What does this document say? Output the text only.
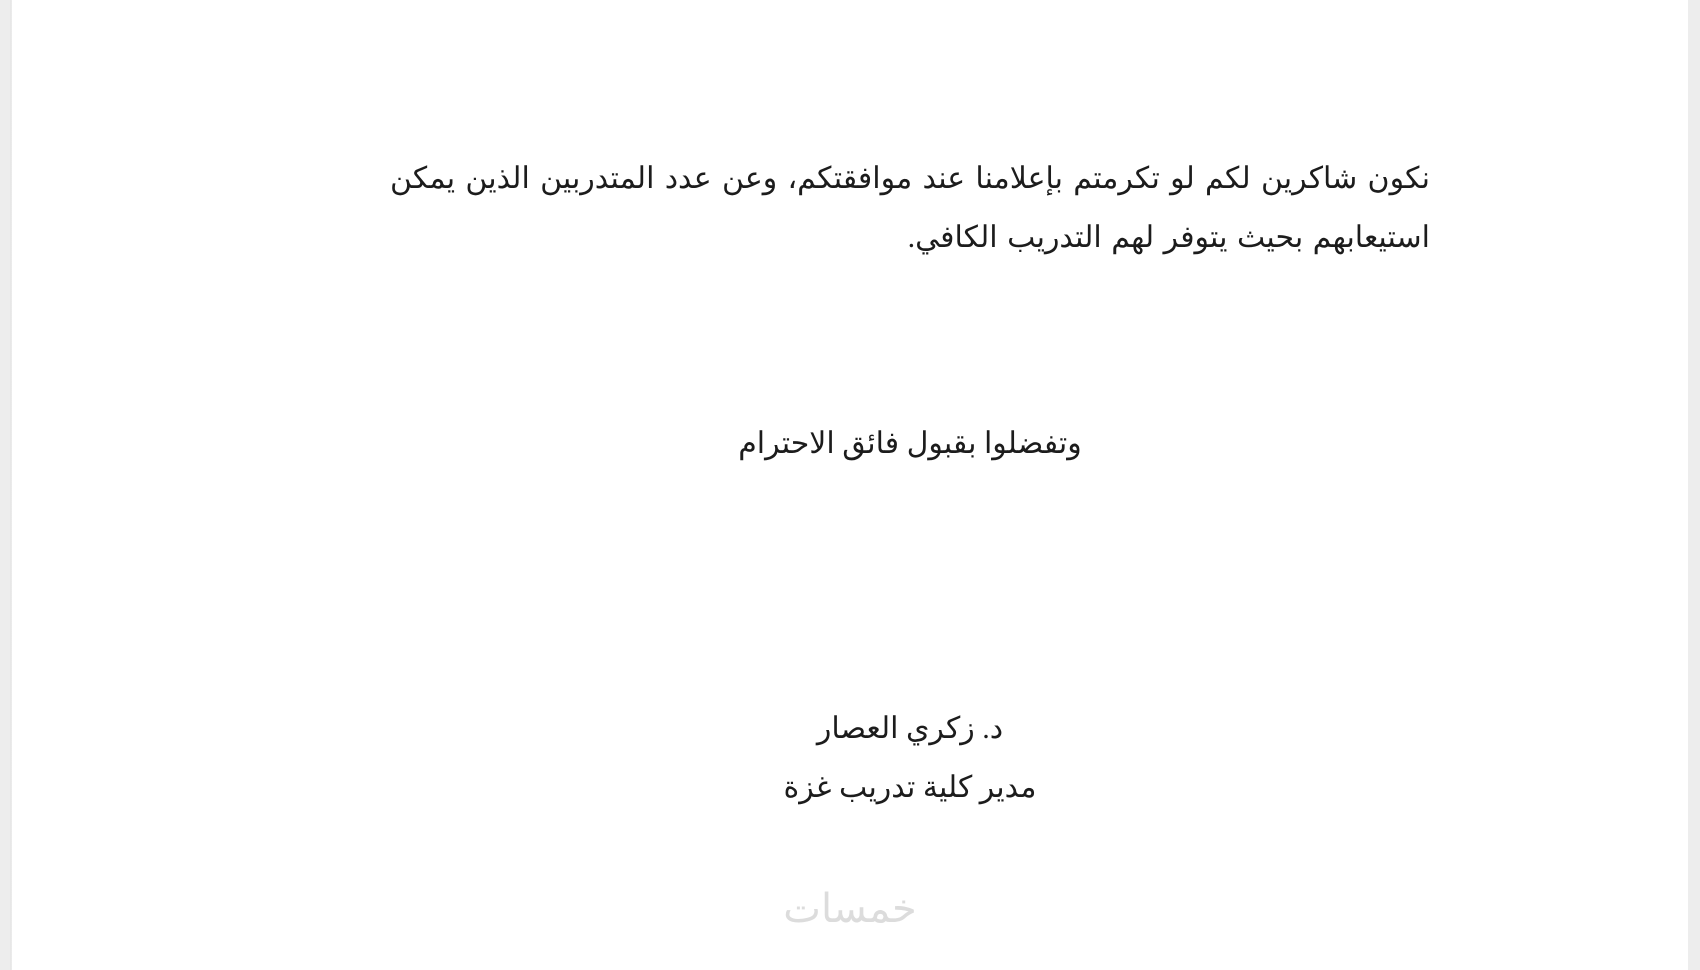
نكون شاكرين لكم لو تكرمتم بإعلامنا عند موافقتكم، وعن عدد المتدربين الذين يمكن استيعابهم بحيث يتوفر لهم التدريب الكافي.

وتفضلوا بقبول فائق الاحترام

د. زكري العصار
مدير كلية تدريب غزة
خمسات
